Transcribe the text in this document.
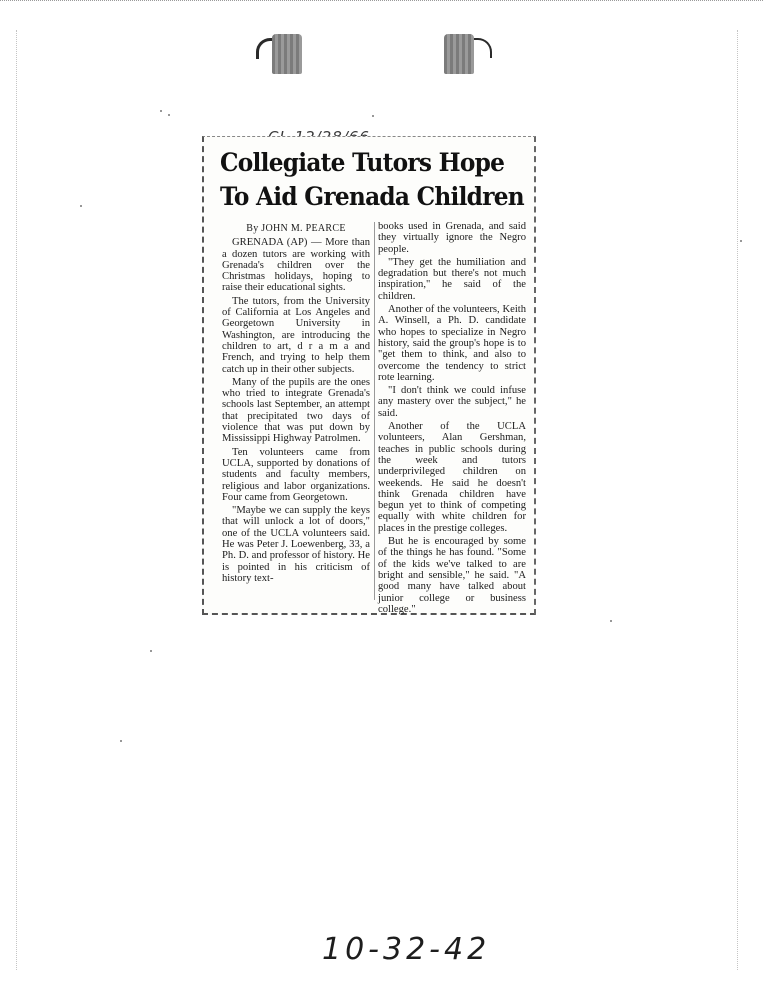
Collegiate Tutors Hope
To Aid Grenada Children
By JOHN M. PEARCE

GRENADA (AP) — More than a dozen tutors are working with Grenada's children over the Christmas holidays, hoping to raise their educational sights.

The tutors, from the University of California at Los Angeles and Georgetown University in Washington, are introducing the children to art, d r a m a and French, and trying to help them catch up in their other subjects.

Many of the pupils are the ones who tried to integrate Grenada's schools last September, an attempt that precipitated two days of violence that was put down by Mississippi Highway Patrolmen.

Ten volunteers came from UCLA, supported by donations of students and faculty members, religious and labor organizations. Four came from Georgetown.

"Maybe we can supply the keys that will unlock a lot of doors," one of the UCLA volunteers said. He was Peter J. Loewenberg, 33, a Ph. D. and professor of history. He is pointed in his criticism of history text-

books used in Grenada, and said they virtually ignore the Negro people.

"They get the humiliation and degradation but there's not much inspiration," he said of the children.

Another of the volunteers, Keith A. Winsell, a Ph. D. candidate who hopes to specialize in Negro history, said the group's hope is to "get them to think, and also to overcome the tendency to strict rote learning.

"I don't think we could infuse any mastery over the subject," he said.

Another of the UCLA volunteers, Alan Gershman, teaches in public schools during the week and tutors underprivileged children on weekends. He said he doesn't think Grenada children have begun yet to think of competing equally with white children for places in the prestige colleges.

But he is encouraged by some of the things he has found. "Some of the kids we've talked to are bright and sensible," he said. "A good many have talked about junior college or business college."

10-32-42
